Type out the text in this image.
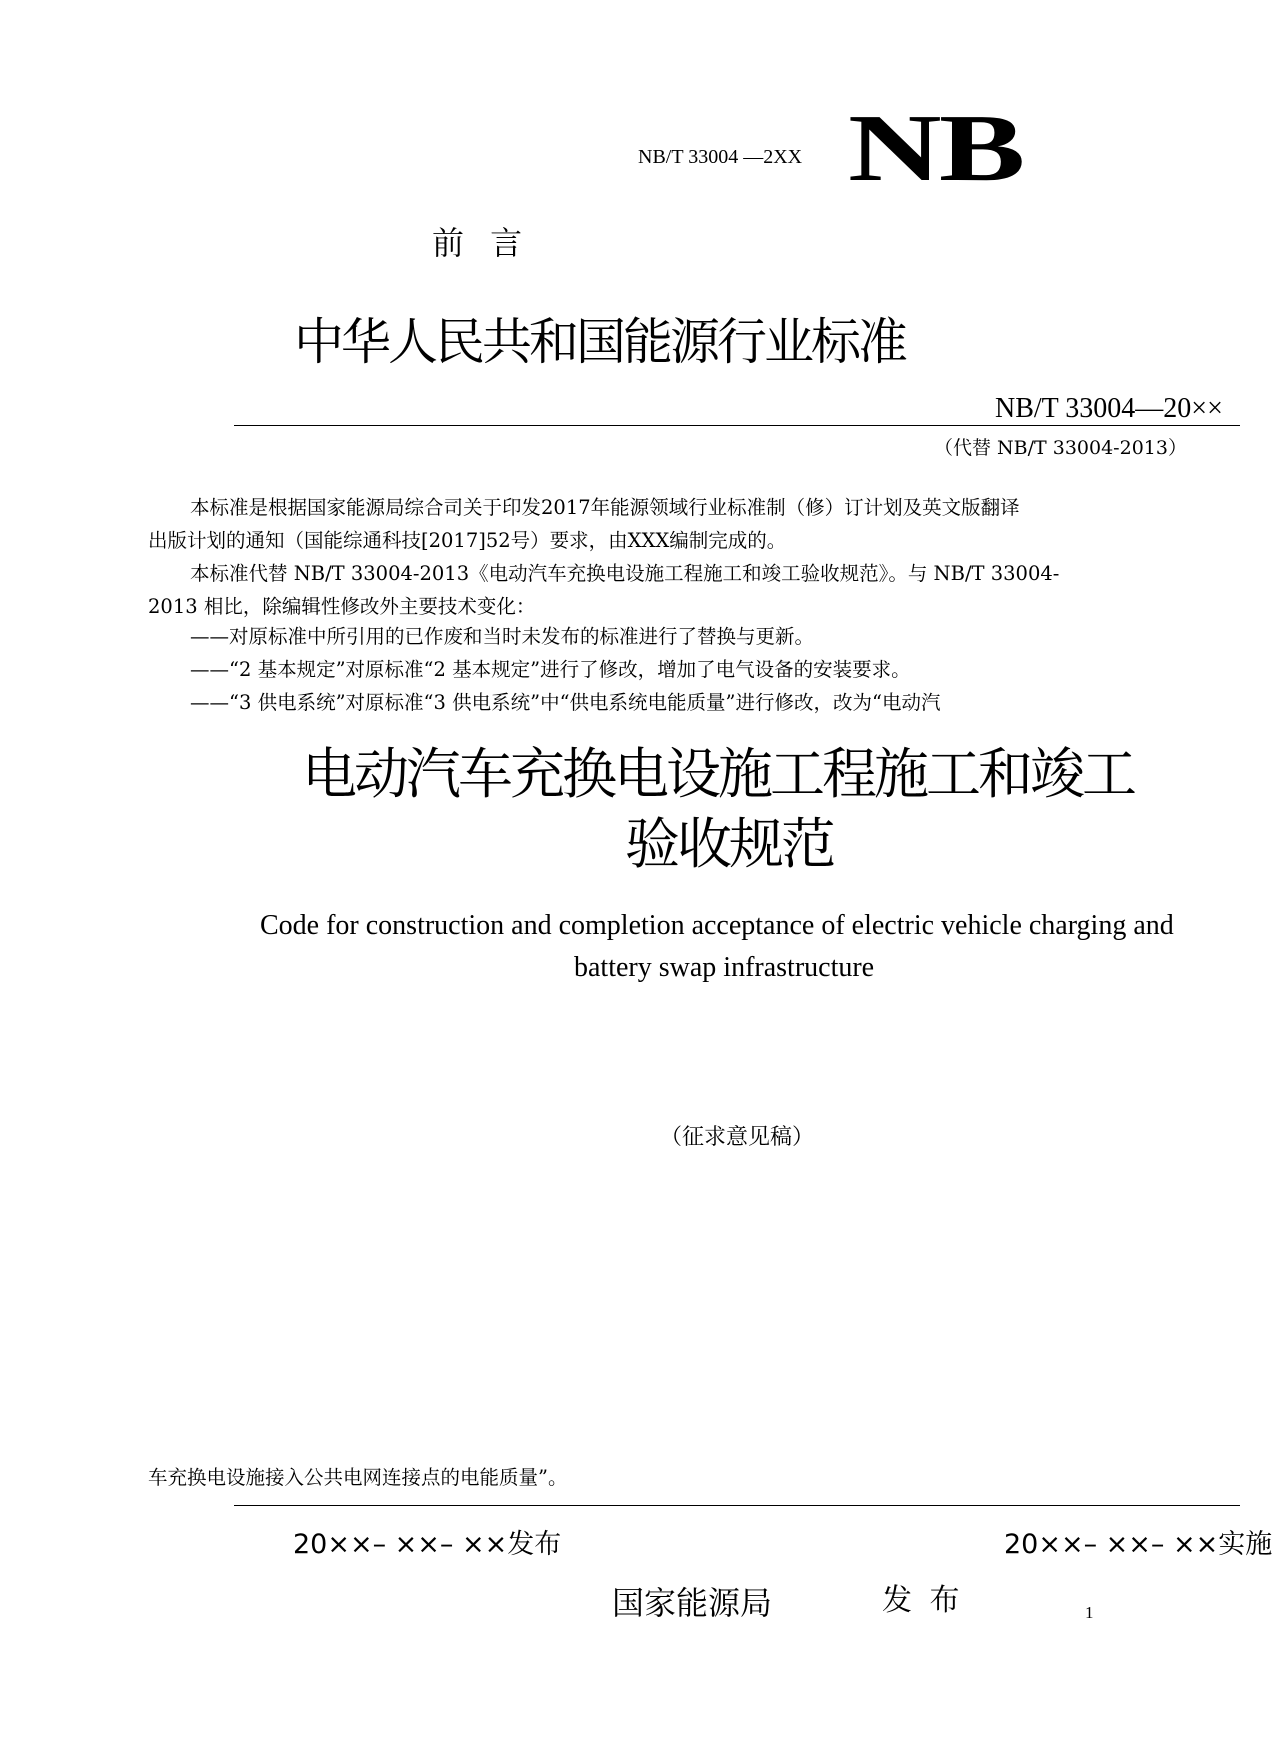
NB/T 33004 —2XX NB
前 言
中华人民共和国能源行业标准
NB/T 33004—20××
（代替 NB/T 33004-2013）
本标准是根据国家能源局综合司关于印发2017年能源领域行业标准制（修）订计划及英文版翻译
出版计划的通知（国能综通科技[2017]52号）要求，由XXX编制完成的。
本标准代替 NB/T 33004-2013《电动汽车充换电设施工程施工和竣工验收规范》。与 NB/T 33004-
2013 相比，除编辑性修改外主要技术变化：
——对原标准中所引用的已作废和当时未发布的标准进行了替换与更新。
——“2 基本规定”对原标准“2 基本规定”进行了修改，增加了电气设备的安装要求。
——“3 供电系统”对原标准“3 供电系统”中“供电系统电能质量”进行修改，改为“电动汽
电动汽车充换电设施工程施工和竣工
验收规范
Code for construction and completion acceptance of electric vehicle charging and
battery swap infrastructure
（征求意见稿）
车充换电设施接入公共电网连接点的电能质量”。
20××– ××– ××发布	20××– ××– ××实施
国家能源局	发 布	1
